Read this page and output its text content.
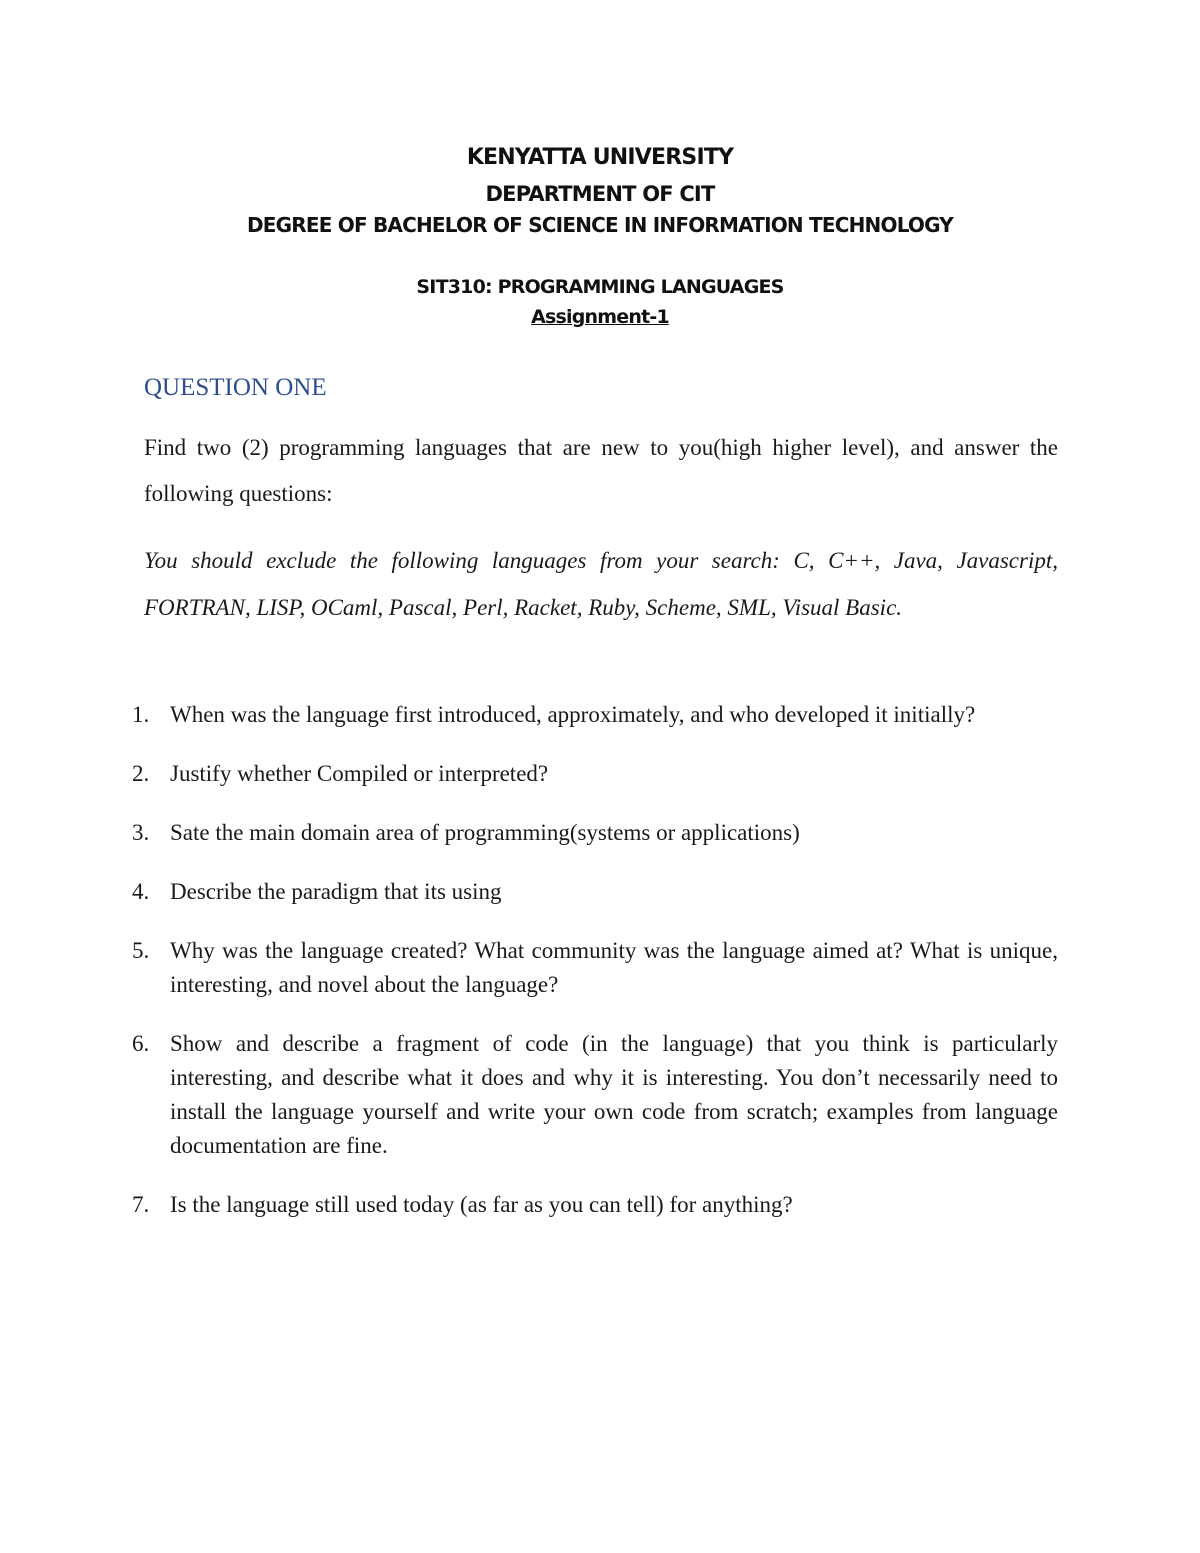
KENYATTA UNIVERSITY
DEPARTMENT OF CIT
DEGREE OF BACHELOR OF SCIENCE IN INFORMATION TECHNOLOGY
SIT310: PROGRAMMING LANGUAGES
Assignment-1
QUESTION ONE
Find two (2) programming languages that are new to you(high higher level), and answer the following questions:
You should exclude the following languages from your search: C, C++, Java, Javascript, FORTRAN, LISP, OCaml, Pascal, Perl, Racket, Ruby, Scheme, SML, Visual Basic.
1. When was the language first introduced, approximately, and who developed it initially?
2. Justify whether Compiled or interpreted?
3. Sate the main domain area of programming(systems or applications)
4. Describe the paradigm that its using
5. Why was the language created? What community was the language aimed at? What is unique, interesting, and novel about the language?
6. Show and describe a fragment of code (in the language) that you think is particularly interesting, and describe what it does and why it is interesting. You don’t necessarily need to install the language yourself and write your own code from scratch; examples from language documentation are fine.
7. Is the language still used today (as far as you can tell) for anything?
